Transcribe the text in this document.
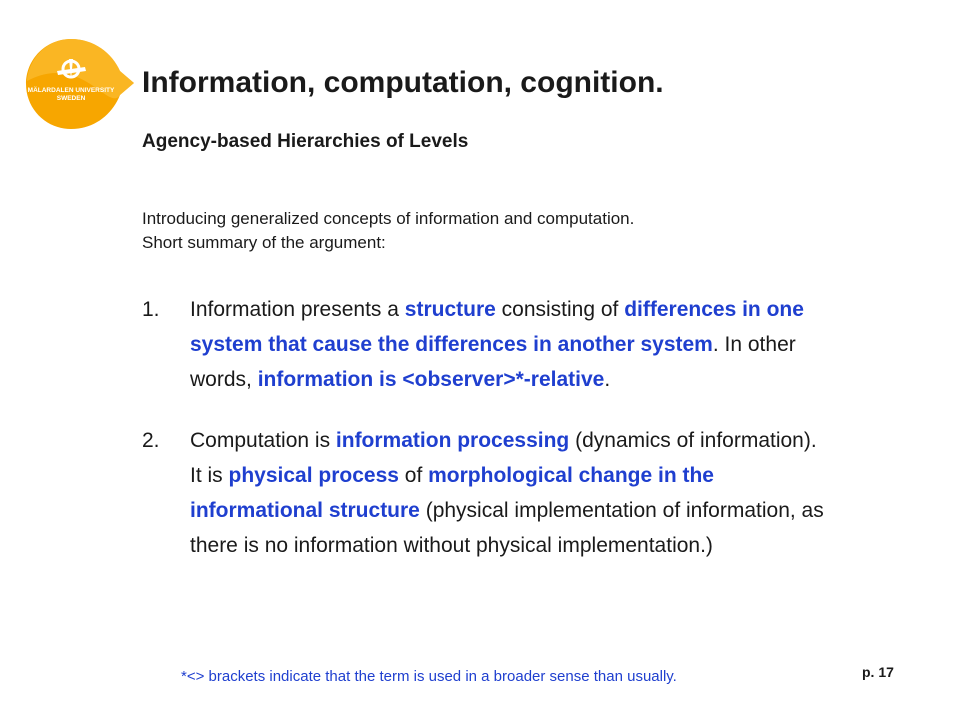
MÄLARDALEN UNIVERSITY
SWEDEN Information, computation, cognition.
Agency-based Hierarchies of Levels

Introducing generalized concepts of information and computation.
Short summary of the argument:

1.	Information presents a structure consisting of differences in one system that cause the differences in another system. In other words, information is <observer>*-relative.
2.	Computation is information processing (dynamics of information). It is physical process of morphological change in the informational structure (physical implementation of information, as there is no information without physical implementation.)

*<> brackets indicate that the term is used in a broader sense than usually.	p. 17
